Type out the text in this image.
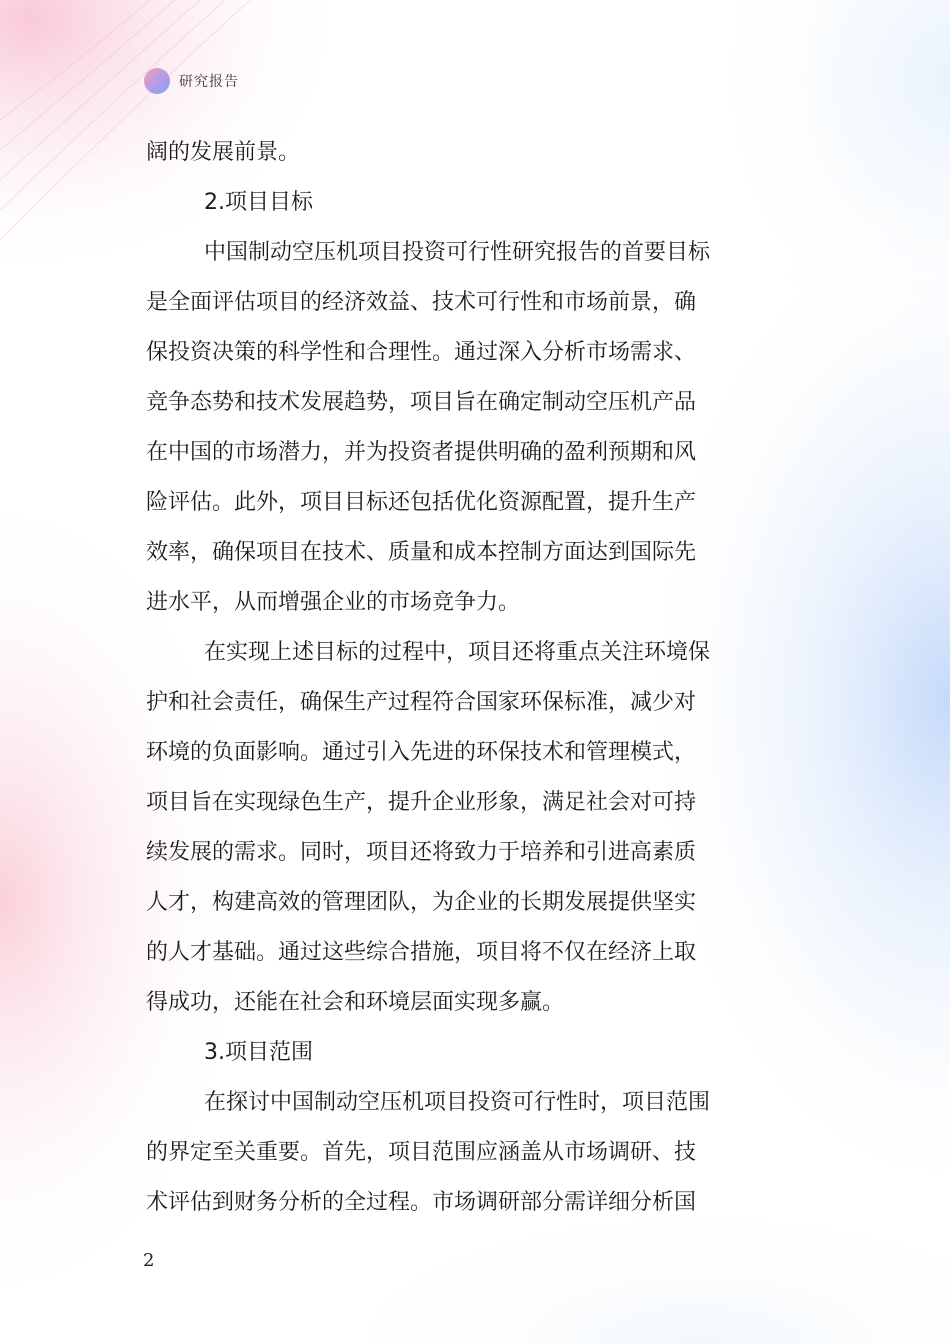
研究报告
阔的发展前景。
2.项目目标
中国制动空压机项目投资可行性研究报告的首要目标
是全面评估项目的经济效益、技术可行性和市场前景，确
保投资决策的科学性和合理性。通过深入分析市场需求、
竞争态势和技术发展趋势，项目旨在确定制动空压机产品
在中国的市场潜力，并为投资者提供明确的盈利预期和风
险评估。此外，项目目标还包括优化资源配置，提升生产
效率，确保项目在技术、质量和成本控制方面达到国际先
进水平，从而增强企业的市场竞争力。
在实现上述目标的过程中，项目还将重点关注环境保
护和社会责任，确保生产过程符合国家环保标准，减少对
环境的负面影响。通过引入先进的环保技术和管理模式，
项目旨在实现绿色生产，提升企业形象，满足社会对可持
续发展的需求。同时，项目还将致力于培养和引进高素质
人才，构建高效的管理团队，为企业的长期发展提供坚实
的人才基础。通过这些综合措施，项目将不仅在经济上取
得成功，还能在社会和环境层面实现多赢。
3.项目范围
在探讨中国制动空压机项目投资可行性时，项目范围
的界定至关重要。首先，项目范围应涵盖从市场调研、技
术评估到财务分析的全过程。市场调研部分需详细分析国
2
